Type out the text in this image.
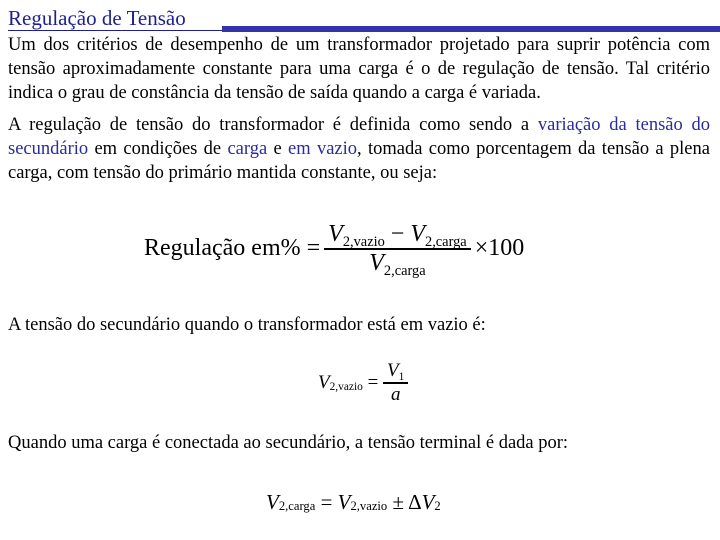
Regulação de Tensão

Um dos critérios de desempenho de um transformador projetado para suprir potência com tensão aproximadamente constante para uma carga é o de regulação de tensão. Tal critério indica o grau de constância da tensão de saída quando a carga é variada.

A regulação de tensão do transformador é definida como sendo a variação da tensão do secundário em condições de carga e em vazio, tomada como porcentagem da tensão a plena carga, com tensão do primário mantida constante, ou seja:

Regulação $em\% = \frac{V_{2,vazio} - V_{2,carga}}{V_{2,carga}} \times 100$

A tensão do secundário quando o transformador está em vazio é:

V 2,vazio = $\frac{V_1}{a}$

Quando uma carga é conectada ao secundário, a tensão terminal é dada por:

V 2,carga = V 2,vazio ± Δ V 2
